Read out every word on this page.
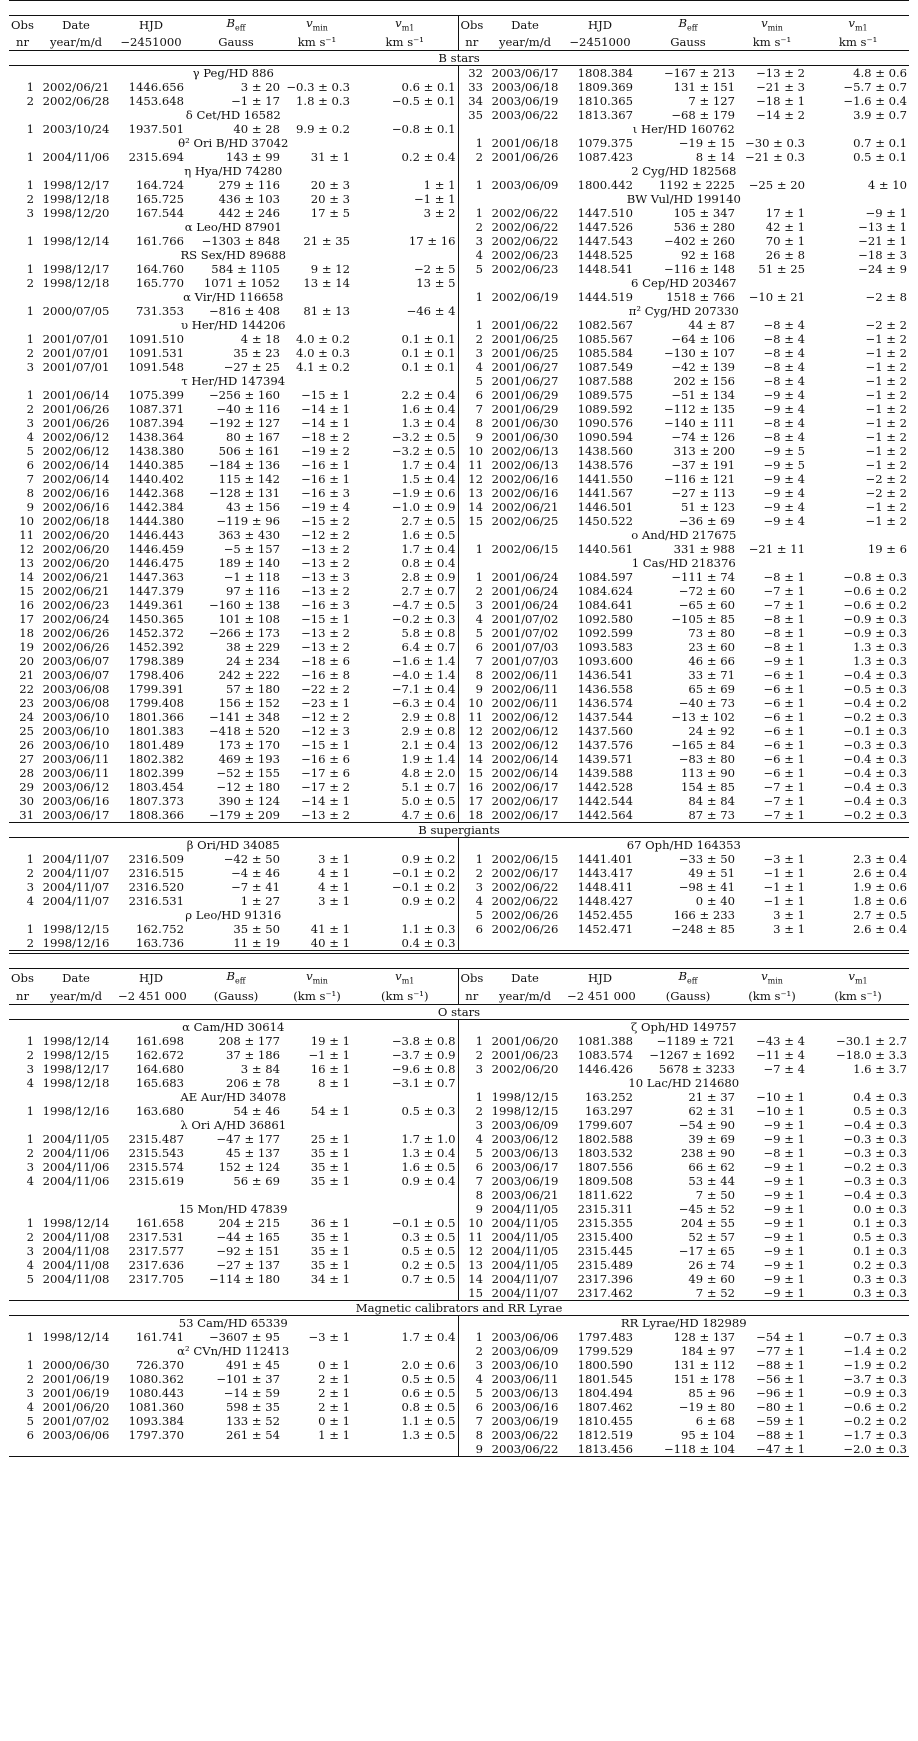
Obs	Date	HJD	$B_{eff}$	$v_{min}$	$v_{m1}$	Obs	Date	HJD	$B_{eff}$	$v_{min}$	$v_{m1}$
nr	year/m/d	−2451000	Gauss	km s⁻¹	km s⁻¹	nr	year/m/d	−2451000	Gauss	km s⁻¹	km s⁻¹
B stars											
γ Peg/HD 886						32	2003/06/17	1808.384	−167 ± 213	−13 ± 2	4.8 ± 0.6
1	2002/06/21	1446.656	3 ± 20	−0.3 ± 0.3	0.6 ± 0.1	33	2003/06/18	1809.369	131 ± 151	−21 ± 3	−5.7 ± 0.7
2	2002/06/28	1453.648	−1 ± 17	1.8 ± 0.3	−0.5 ± 0.1	34	2003/06/19	1810.365	7 ± 127	−18 ± 1	−1.6 ± 0.4
δ Cet/HD 16582						35	2003/06/22	1813.367	−68 ± 179	−14 ± 2	3.9 ± 0.7
1	2003/10/24	1937.501	40 ± 28	9.9 ± 0.2	−0.8 ± 0.1	ι Her/HD 160762					
θ² Ori B/HD 37042						1	2001/06/18	1079.375	−19 ± 15	−30 ± 0.3	0.7 ± 0.1
1	2004/11/06	2315.694	143 ± 99	31 ± 1	0.2 ± 0.4	2	2001/06/26	1087.423	8 ± 14	−21 ± 0.3	0.5 ± 0.1
η Hya/HD 74280						2 Cyg/HD 182568					
1	1998/12/17	164.724	279 ± 116	20 ± 3	1 ± 1	1	2003/06/09	1800.442	1192 ± 2225	−25 ± 20	4 ± 10
2	1998/12/18	165.725	436 ± 103	20 ± 3	−1 ± 1	BW Vul/HD 199140					
3	1998/12/20	167.544	442 ± 246	17 ± 5	3 ± 2	1	2002/06/22	1447.510	105 ± 347	17 ± 1	−9 ± 1
α Leo/HD 87901						2	2002/06/22	1447.526	536 ± 280	42 ± 1	−13 ± 1
1	1998/12/14	161.766	−1303 ± 848	21 ± 35	17 ± 16	3	2002/06/22	1447.543	−402 ± 260	70 ± 1	−21 ± 1
RS Sex/HD 89688						4	2002/06/23	1448.525	92 ± 168	26 ± 8	−18 ± 3
1	1998/12/17	164.760	584 ± 1105	9 ± 12	−2 ± 5	5	2002/06/23	1448.541	−116 ± 148	51 ± 25	−24 ± 9
2	1998/12/18	165.770	1071 ± 1052	13 ± 14	13 ± 5	6 Cep/HD 203467					
α Vir/HD 116658						1	2002/06/19	1444.519	1518 ± 766	−10 ± 21	−2 ± 8
1	2000/07/05	731.353	−816 ± 408	81 ± 13	−46 ± 4	π² Cyg/HD 207330					
υ Her/HD 144206						1	2001/06/22	1082.567	44 ± 87	−8 ± 4	−2 ± 2
1	2001/07/01	1091.510	4 ± 18	4.0 ± 0.2	0.1 ± 0.1	2	2001/06/25	1085.567	−64 ± 106	−8 ± 4	−1 ± 2
2	2001/07/01	1091.531	35 ± 23	4.0 ± 0.3	0.1 ± 0.1	3	2001/06/25	1085.584	−130 ± 107	−8 ± 4	−1 ± 2
3	2001/07/01	1091.548	−27 ± 25	4.1 ± 0.2	0.1 ± 0.1	4	2001/06/27	1087.549	−42 ± 139	−8 ± 4	−1 ± 2
τ Her/HD 147394						5	2001/06/27	1087.588	202 ± 156	−8 ± 4	−1 ± 2
1	2001/06/14	1075.399	−256 ± 160	−15 ± 1	2.2 ± 0.4	6	2001/06/29	1089.575	−51 ± 134	−9 ± 4	−1 ± 2
2	2001/06/26	1087.371	−40 ± 116	−14 ± 1	1.6 ± 0.4	7	2001/06/29	1089.592	−112 ± 135	−9 ± 4	−1 ± 2
3	2001/06/26	1087.394	−192 ± 127	−14 ± 1	1.3 ± 0.4	8	2001/06/30	1090.576	−140 ± 111	−8 ± 4	−1 ± 2
4	2002/06/12	1438.364	80 ± 167	−18 ± 2	−3.2 ± 0.5	9	2001/06/30	1090.594	−74 ± 126	−8 ± 4	−1 ± 2
5	2002/06/12	1438.380	506 ± 161	−19 ± 2	−3.2 ± 0.5	10	2002/06/13	1438.560	313 ± 200	−9 ± 5	−1 ± 2
6	2002/06/14	1440.385	−184 ± 136	−16 ± 1	1.7 ± 0.4	11	2002/06/13	1438.576	−37 ± 191	−9 ± 5	−1 ± 2
7	2002/06/14	1440.402	115 ± 142	−16 ± 1	1.5 ± 0.4	12	2002/06/16	1441.550	−116 ± 121	−9 ± 4	−2 ± 2
8	2002/06/16	1442.368	−128 ± 131	−16 ± 3	−1.9 ± 0.6	13	2002/06/16	1441.567	−27 ± 113	−9 ± 4	−2 ± 2
9	2002/06/16	1442.384	43 ± 156	−19 ± 4	−1.0 ± 0.9	14	2002/06/21	1446.501	51 ± 123	−9 ± 4	−1 ± 2
10	2002/06/18	1444.380	−119 ± 96	−15 ± 2	2.7 ± 0.5	15	2002/06/25	1450.522	−36 ± 69	−9 ± 4	−1 ± 2
11	2002/06/20	1446.443	363 ± 430	−12 ± 2	1.6 ± 0.5	o And/HD 217675					
12	2002/06/20	1446.459	−5 ± 157	−13 ± 2	1.7 ± 0.4	1	2002/06/15	1440.561	331 ± 988	−21 ± 11	19 ± 6
13	2002/06/20	1446.475	189 ± 140	−13 ± 2	0.8 ± 0.4	1 Cas/HD 218376					
14	2002/06/21	1447.363	−1 ± 118	−13 ± 3	2.8 ± 0.9	1	2001/06/24	1084.597	−111 ± 74	−8 ± 1	−0.8 ± 0.3
15	2002/06/21	1447.379	97 ± 116	−13 ± 2	2.7 ± 0.7	2	2001/06/24	1084.624	−72 ± 60	−7 ± 1	−0.6 ± 0.2
16	2002/06/23	1449.361	−160 ± 138	−16 ± 3	−4.7 ± 0.5	3	2001/06/24	1084.641	−65 ± 60	−7 ± 1	−0.6 ± 0.2
17	2002/06/24	1450.365	101 ± 108	−15 ± 1	−0.2 ± 0.3	4	2001/07/02	1092.580	−105 ± 85	−8 ± 1	−0.9 ± 0.3
18	2002/06/26	1452.372	−266 ± 173	−13 ± 2	5.8 ± 0.8	5	2001/07/02	1092.599	73 ± 80	−8 ± 1	−0.9 ± 0.3
19	2002/06/26	1452.392	38 ± 229	−13 ± 2	6.4 ± 0.7	6	2001/07/03	1093.583	23 ± 60	−8 ± 1	1.3 ± 0.3
20	2003/06/07	1798.389	24 ± 234	−18 ± 6	−1.6 ± 1.4	7	2001/07/03	1093.600	46 ± 66	−9 ± 1	1.3 ± 0.3
21	2003/06/07	1798.406	242 ± 222	−16 ± 8	−4.0 ± 1.4	8	2002/06/11	1436.541	33 ± 71	−6 ± 1	−0.4 ± 0.3
22	2003/06/08	1799.391	57 ± 180	−22 ± 2	−7.1 ± 0.4	9	2002/06/11	1436.558	65 ± 69	−6 ± 1	−0.5 ± 0.3
23	2003/06/08	1799.408	156 ± 152	−23 ± 1	−6.3 ± 0.4	10	2002/06/11	1436.574	−40 ± 73	−6 ± 1	−0.4 ± 0.2
24	2003/06/10	1801.366	−141 ± 348	−12 ± 2	2.9 ± 0.8	11	2002/06/12	1437.544	−13 ± 102	−6 ± 1	−0.2 ± 0.3
25	2003/06/10	1801.383	−418 ± 520	−12 ± 3	2.9 ± 0.8	12	2002/06/12	1437.560	24 ± 92	−6 ± 1	−0.1 ± 0.3
26	2003/06/10	1801.489	173 ± 170	−15 ± 1	2.1 ± 0.4	13	2002/06/12	1437.576	−165 ± 84	−6 ± 1	−0.3 ± 0.3
27	2003/06/11	1802.382	469 ± 193	−16 ± 6	1.9 ± 1.4	14	2002/06/14	1439.571	−83 ± 80	−6 ± 1	−0.4 ± 0.3
28	2003/06/11	1802.399	−52 ± 155	−17 ± 6	4.8 ± 2.0	15	2002/06/14	1439.588	113 ± 90	−6 ± 1	−0.4 ± 0.3
29	2003/06/12	1803.454	−12 ± 180	−17 ± 2	5.1 ± 0.7	16	2002/06/17	1442.528	154 ± 85	−7 ± 1	−0.4 ± 0.3
30	2003/06/16	1807.373	390 ± 124	−14 ± 1	5.0 ± 0.5	17	2002/06/17	1442.544	84 ± 84	−7 ± 1	−0.4 ± 0.3
31	2003/06/17	1808.366	−179 ± 209	−13 ± 2	4.7 ± 0.6	18	2002/06/17	1442.564	87 ± 73	−7 ± 1	−0.2 ± 0.3
B supergiants											
β Ori/HD 34085						67 Oph/HD 164353					
1	2004/11/07	2316.509	−42 ± 50	3 ± 1	0.9 ± 0.2	1	2002/06/15	1441.401	−33 ± 50	−3 ± 1	2.3 ± 0.4
2	2004/11/07	2316.515	−4 ± 46	4 ± 1	−0.1 ± 0.2	2	2002/06/17	1443.417	49 ± 51	−1 ± 1	2.6 ± 0.4
3	2004/11/07	2316.520	−7 ± 41	4 ± 1	−0.1 ± 0.2	3	2002/06/22	1448.411	−98 ± 41	−1 ± 1	1.9 ± 0.6
4	2004/11/07	2316.531	1 ± 27	3 ± 1	0.9 ± 0.2	4	2002/06/22	1448.427	0 ± 40	−1 ± 1	1.8 ± 0.6
ρ Leo/HD 91316						5	2002/06/26	1452.455	166 ± 233	3 ± 1	2.7 ± 0.5
1	1998/12/15	162.752	35 ± 50	41 ± 1	1.1 ± 0.3	6	2002/06/26	1452.471	−248 ± 85	3 ± 1	2.6 ± 0.4
2	1998/12/16	163.736	11 ± 19	40 ± 1	0.4 ± 0.3						

Obs	Date	HJD	$B_{eff}$	$v_{min}$	$v_{m1}$	Obs	Date	HJD	$B_{eff}$	$v_{min}$	$v_{m1}$
nr	year/m/d	−2 451 000	(Gauss)	(km s⁻¹)	(km s⁻¹)	nr	year/m/d	−2 451 000	(Gauss)	(km s⁻¹)	(km s⁻¹)
O stars											
α Cam/HD 30614						ζ Oph/HD 149757					
1	1998/12/14	161.698	208 ± 177	19 ± 1	−3.8 ± 0.8	1	2001/06/20	1081.388	−1189 ± 721	−43 ± 4	−30.1 ± 2.7
2	1998/12/15	162.672	37 ± 186	−1 ± 1	−3.7 ± 0.9	2	2001/06/23	1083.574	−1267 ± 1692	−11 ± 4	−18.0 ± 3.3
3	1998/12/17	164.680	3 ± 84	16 ± 1	−9.6 ± 0.8	3	2002/06/20	1446.426	5678 ± 3233	−7 ± 4	1.6 ± 3.7
4	1998/12/18	165.683	206 ± 78	8 ± 1	−3.1 ± 0.7	10 Lac/HD 214680					
AE Aur/HD 34078						1	1998/12/15	163.252	21 ± 37	−10 ± 1	0.4 ± 0.3
1	1998/12/16	163.680	54 ± 46	54 ± 1	0.5 ± 0.3	2	1998/12/15	163.297	62 ± 31	−10 ± 1	0.5 ± 0.3
λ Ori A/HD 36861						3	2003/06/09	1799.607	−54 ± 90	−9 ± 1	−0.4 ± 0.3
1	2004/11/05	2315.487	−47 ± 177	25 ± 1	1.7 ± 1.0	4	2003/06/12	1802.588	39 ± 69	−9 ± 1	−0.3 ± 0.3
2	2004/11/06	2315.543	45 ± 137	35 ± 1	1.3 ± 0.4	5	2003/06/13	1803.532	238 ± 90	−8 ± 1	−0.3 ± 0.3
3	2004/11/06	2315.574	152 ± 124	35 ± 1	1.6 ± 0.5	6	2003/06/17	1807.556	66 ± 62	−9 ± 1	−0.2 ± 0.3
4	2004/11/06	2315.619	56 ± 69	35 ± 1	0.9 ± 0.4	7	2003/06/19	1809.508	53 ± 44	−9 ± 1	−0.3 ± 0.3
						8	2003/06/21	1811.622	7 ± 50	−9 ± 1	−0.4 ± 0.3
15 Mon/HD 47839						9	2004/11/05	2315.311	−45 ± 52	−9 ± 1	0.0 ± 0.3
1	1998/12/14	161.658	204 ± 215	36 ± 1	−0.1 ± 0.5	10	2004/11/05	2315.355	204 ± 55	−9 ± 1	0.1 ± 0.3
2	2004/11/08	2317.531	−44 ± 165	35 ± 1	0.3 ± 0.5	11	2004/11/05	2315.400	52 ± 57	−9 ± 1	0.5 ± 0.3
3	2004/11/08	2317.577	−92 ± 151	35 ± 1	0.5 ± 0.5	12	2004/11/05	2315.445	−17 ± 65	−9 ± 1	0.1 ± 0.3
4	2004/11/08	2317.636	−27 ± 137	35 ± 1	0.2 ± 0.5	13	2004/11/05	2315.489	26 ± 74	−9 ± 1	0.2 ± 0.3
5	2004/11/08	2317.705	−114 ± 180	34 ± 1	0.7 ± 0.5	14	2004/11/07	2317.396	49 ± 60	−9 ± 1	0.3 ± 0.3
						15	2004/11/07	2317.462	7 ± 52	−9 ± 1	0.3 ± 0.3
Magnetic calibrators and RR Lyrae											
53 Cam/HD 65339						RR Lyrae/HD 182989					
1	1998/12/14	161.741	−3607 ± 95	−3 ± 1	1.7 ± 0.4	1	2003/06/06	1797.483	128 ± 137	−54 ± 1	−0.7 ± 0.3
α² CVn/HD 112413						2	2003/06/09	1799.529	184 ± 97	−77 ± 1	−1.4 ± 0.2
1	2000/06/30	726.370	491 ± 45	0 ± 1	2.0 ± 0.6	3	2003/06/10	1800.590	131 ± 112	−88 ± 1	−1.9 ± 0.2
2	2001/06/19	1080.362	−101 ± 37	2 ± 1	0.5 ± 0.5	4	2003/06/11	1801.545	151 ± 178	−56 ± 1	−3.7 ± 0.3
3	2001/06/19	1080.443	−14 ± 59	2 ± 1	0.6 ± 0.5	5	2003/06/13	1804.494	85 ± 96	−96 ± 1	−0.9 ± 0.3
4	2001/06/20	1081.360	598 ± 35	2 ± 1	0.8 ± 0.5	6	2003/06/16	1807.462	−19 ± 80	−80 ± 1	−0.6 ± 0.2
5	2001/07/02	1093.384	133 ± 52	0 ± 1	1.1 ± 0.5	7	2003/06/19	1810.455	6 ± 68	−59 ± 1	−0.2 ± 0.2
6	2003/06/06	1797.370	261 ± 54	1 ± 1	1.3 ± 0.5	8	2003/06/22	1812.519	95 ± 104	−88 ± 1	−1.7 ± 0.3
						9	2003/06/22	1813.456	−118 ± 104	−47 ± 1	−2.0 ± 0.3
